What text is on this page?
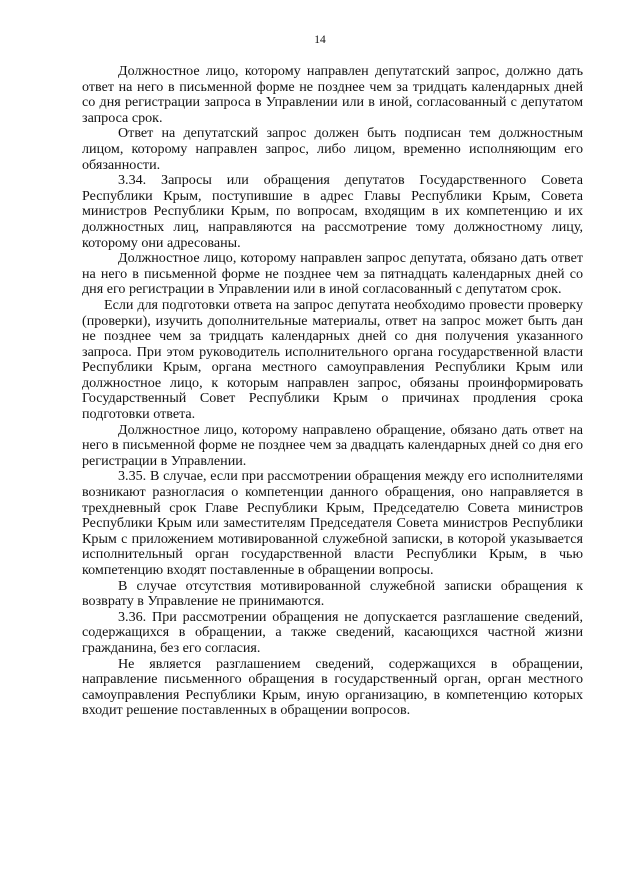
14

Должностное лицо, которому направлен депутатский запрос, должно дать ответ на него в письменной форме не позднее чем за тридцать календарных дней со дня регистрации запроса в Управлении или в иной, согласованный с депутатом запроса срок.

Ответ на депутатский запрос должен быть подписан тем должностным лицом, которому направлен запрос, либо лицом, временно исполняющим его обязанности.

3.34. Запросы или обращения депутатов Государственного Совета Республики Крым, поступившие в адрес Главы Республики Крым, Совета министров Республики Крым, по вопросам, входящим в их компетенцию и их должностных лиц, направляются на рассмотрение тому должностному лицу, которому они адресованы.

Должностное лицо, которому направлен запрос депутата, обязано дать ответ на него в письменной форме не позднее чем за пятнадцать календарных дней со дня его регистрации в Управлении или в иной согласованный с депутатом срок.

Если для подготовки ответа на запрос депутата необходимо провести проверку (проверки), изучить дополнительные материалы, ответ на запрос может быть дан не позднее чем за тридцать календарных дней со дня получения указанного запроса. При этом руководитель исполнительного органа государственной власти Республики Крым, органа местного самоуправления Республики Крым или должностное лицо, к которым направлен запрос, обязаны проинформировать Государственный Совет Республики Крым о причинах продления срока подготовки ответа.

Должностное лицо, которому направлено обращение, обязано дать ответ на него в письменной форме не позднее чем за двадцать календарных дней со дня его регистрации в Управлении.

3.35. В случае, если при рассмотрении обращения между его исполнителями возникают разногласия о компетенции данного обращения, оно направляется в трехдневный срок Главе Республики Крым, Председателю Совета министров Республики Крым или заместителям Председателя Совета министров Республики Крым с приложением мотивированной служебной записки, в которой указывается исполнительный орган государственной власти Республики Крым, в чью компетенцию входят поставленные в обращении вопросы.

В случае отсутствия мотивированной служебной записки обращения к возврату в Управление не принимаются.

3.36. При рассмотрении обращения не допускается разглашение сведений, содержащихся в обращении, а также сведений, касающихся частной жизни гражданина, без его согласия.

Не является разглашением сведений, содержащихся в обращении, направление письменного обращения в государственный орган, орган местного самоуправления Республики Крым, иную организацию, в компетенцию которых входит решение поставленных в обращении вопросов.
